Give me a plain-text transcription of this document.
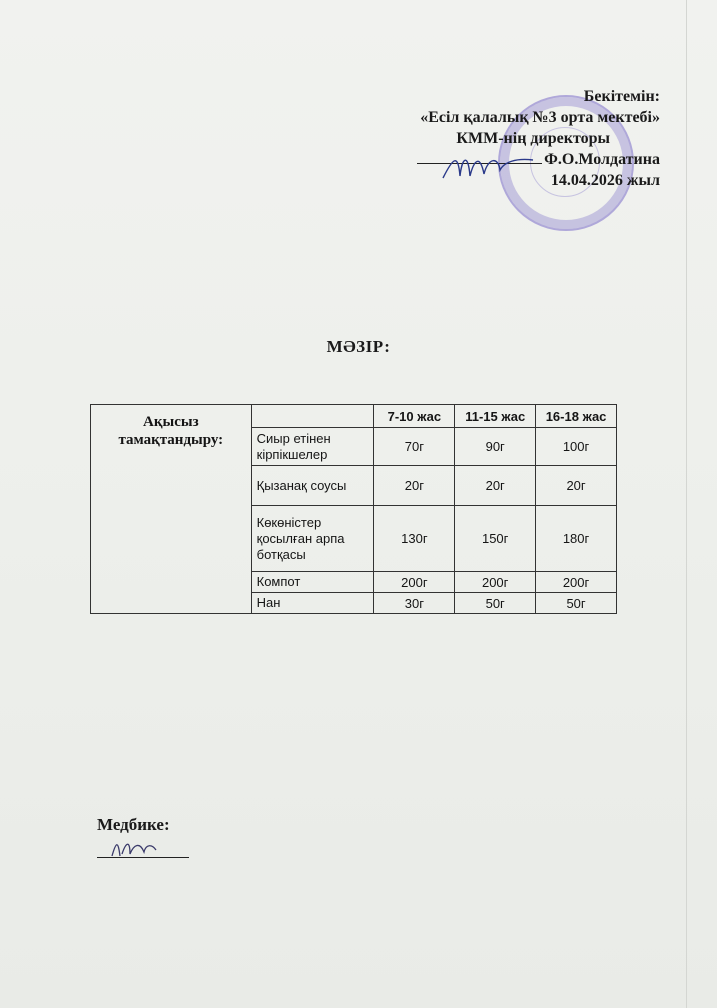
Бекітемін:
«Есіл қалалық №3 орта мектебі»
КММ-нің директоры
Ф.О.Молдатина
14.04.2026 жыл
МӘЗІР:
Ақысыз тамақтандыру:		7-10 жас	11-15 жас	16-18 жас
	Сиыр етінен кірпікшелер	70г	90г	100г
	Қызанақ соусы	20г	20г	20г
	Көкөністер қосылған арпа ботқасы	130г	150г	180г
	Компот	200г	200г	200г
	Нан	30г	50г	50г
Медбике:
